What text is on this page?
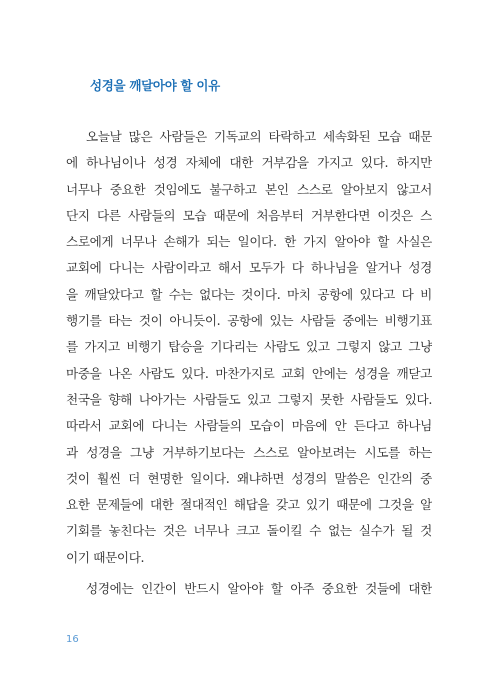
성경을 깨달아야 할 이유
오늘날 많은 사람들은 기독교의 타락하고 세속화된 모습 때문
에 하나님이나 성경 자체에 대한 거부감을 가지고 있다. 하지만
너무나 중요한 것임에도 불구하고 본인 스스로 알아보지 않고서
단지 다른 사람들의 모습 때문에 처음부터 거부한다면 이것은 스
스로에게 너무나 손해가 되는 일이다. 한 가지 알아야 할 사실은
교회에 다니는 사람이라고 해서 모두가 다 하나님을 알거나 성경
을 깨달았다고 할 수는 없다는 것이다. 마치 공항에 있다고 다 비
행기를 타는 것이 아니듯이. 공항에 있는 사람들 중에는 비행기표
를 가지고 비행기 탑승을 기다리는 사람도 있고 그렇지 않고 그냥
마중을 나온 사람도 있다. 마찬가지로 교회 안에는 성경을 깨닫고
천국을 향해 나아가는 사람들도 있고 그렇지 못한 사람들도 있다.
따라서 교회에 다니는 사람들의 모습이 마음에 안 든다고 하나님
과 성경을 그냥 거부하기보다는 스스로 알아보려는 시도를 하는
것이 훨씬 더 현명한 일이다. 왜냐하면 성경의 말씀은 인간의 중
요한 문제들에 대한 절대적인 해답을 갖고 있기 때문에 그것을 알
기회를 놓친다는 것은 너무나 크고 돌이킬 수 없는 실수가 될 것
이기 때문이다.
성경에는 인간이 반드시 알아야 할 아주 중요한 것들에 대한
16
